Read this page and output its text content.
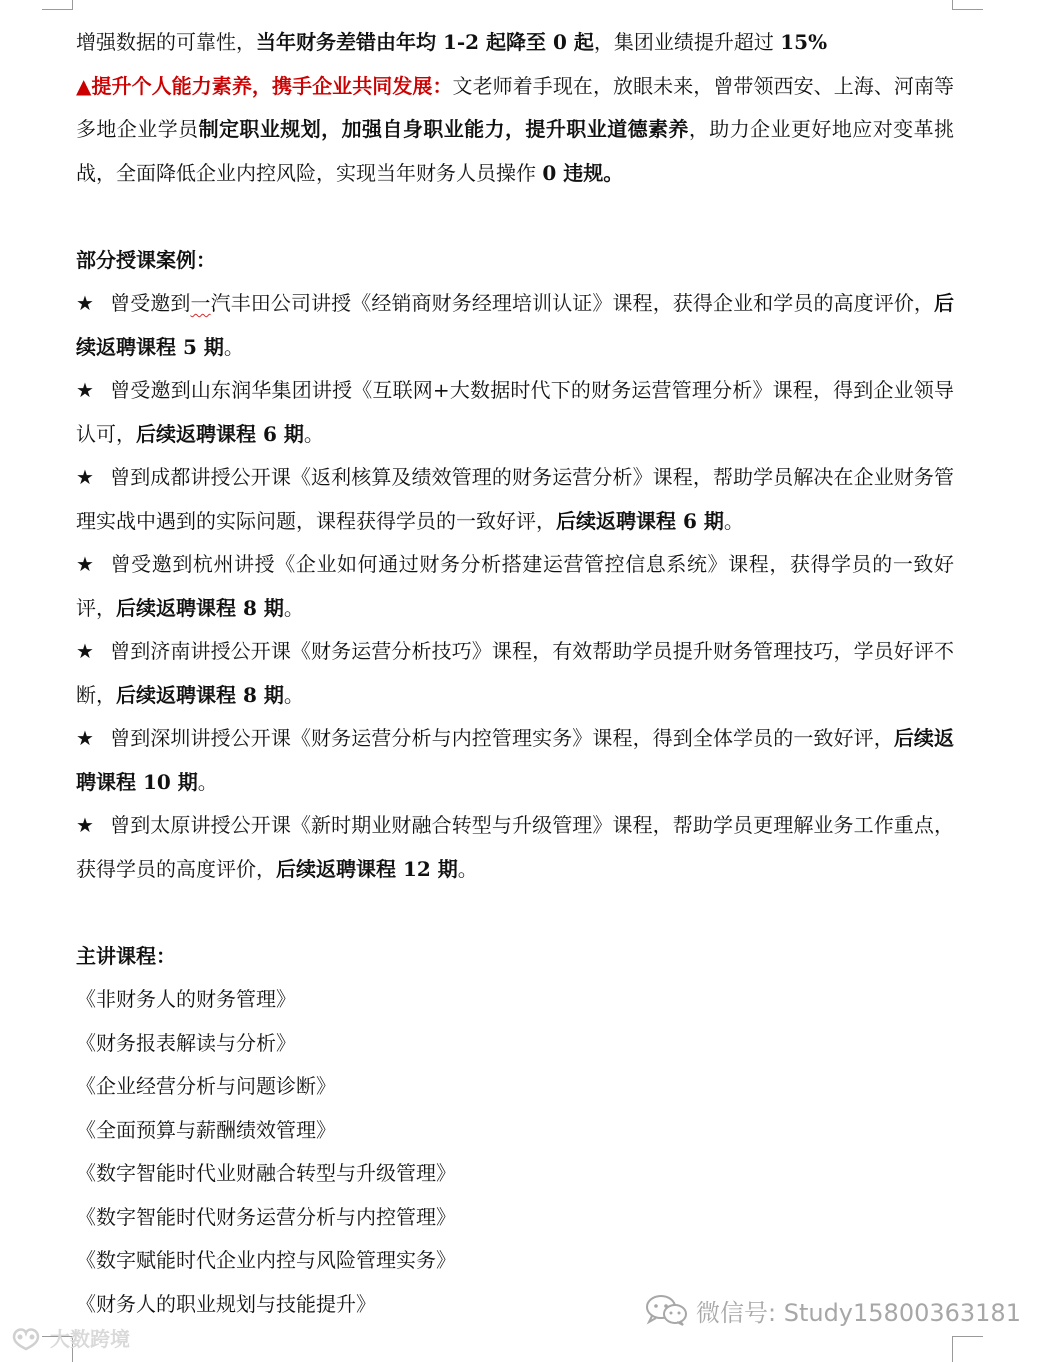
增强数据的可靠性，当年财务差错由年均 1-2 起降至 0 起，集团业绩提升超过 15%

▲提升个人能力素养，携手企业共同发展：文老师着手现在，放眼未来，曾带领西安、上海、河南等多地企业学员制定职业规划，加强自身职业能力，提升职业道德素养，助力企业更好地应对变革挑战，全面降低企业内控风险，实现当年财务人员操作 0 违规。

部分授课案例：

★ 曾受邀到一汽丰田公司讲授《经销商财务经理培训认证》课程，获得企业和学员的高度评价，后续返聘课程 5 期。

★ 曾受邀到山东润华集团讲授《互联网+大数据时代下的财务运营管理分析》课程，得到企业领导认可，后续返聘课程 6 期。

★ 曾到成都讲授公开课《返利核算及绩效管理的财务运营分析》课程，帮助学员解决在企业财务管理实战中遇到的实际问题，课程获得学员的一致好评，后续返聘课程 6 期。

★ 曾受邀到杭州讲授《企业如何通过财务分析搭建运营管控信息系统》课程，获得学员的一致好评，后续返聘课程 8 期。

★ 曾到济南讲授公开课《财务运营分析技巧》课程，有效帮助学员提升财务管理技巧，学员好评不断，后续返聘课程 8 期。

★ 曾到深圳讲授公开课《财务运营分析与内控管理实务》课程，得到全体学员的一致好评，后续返聘课程 10 期。

★ 曾到太原讲授公开课《新时期业财融合转型与升级管理》课程，帮助学员更理解业务工作重点，获得学员的高度评价，后续返聘课程 12 期。

主讲课程：

《非财务人的财务管理》

《财务报表解读与分析》

《企业经营分析与问题诊断》

《全面预算与薪酬绩效管理》

《数字智能时代业财融合转型与升级管理》

《数字智能时代财务运营分析与内控管理》

《数字赋能时代企业内控与风险管理实务》

《财务人的职业规划与技能提升》

大数跨境
微信号: Study15800363181
